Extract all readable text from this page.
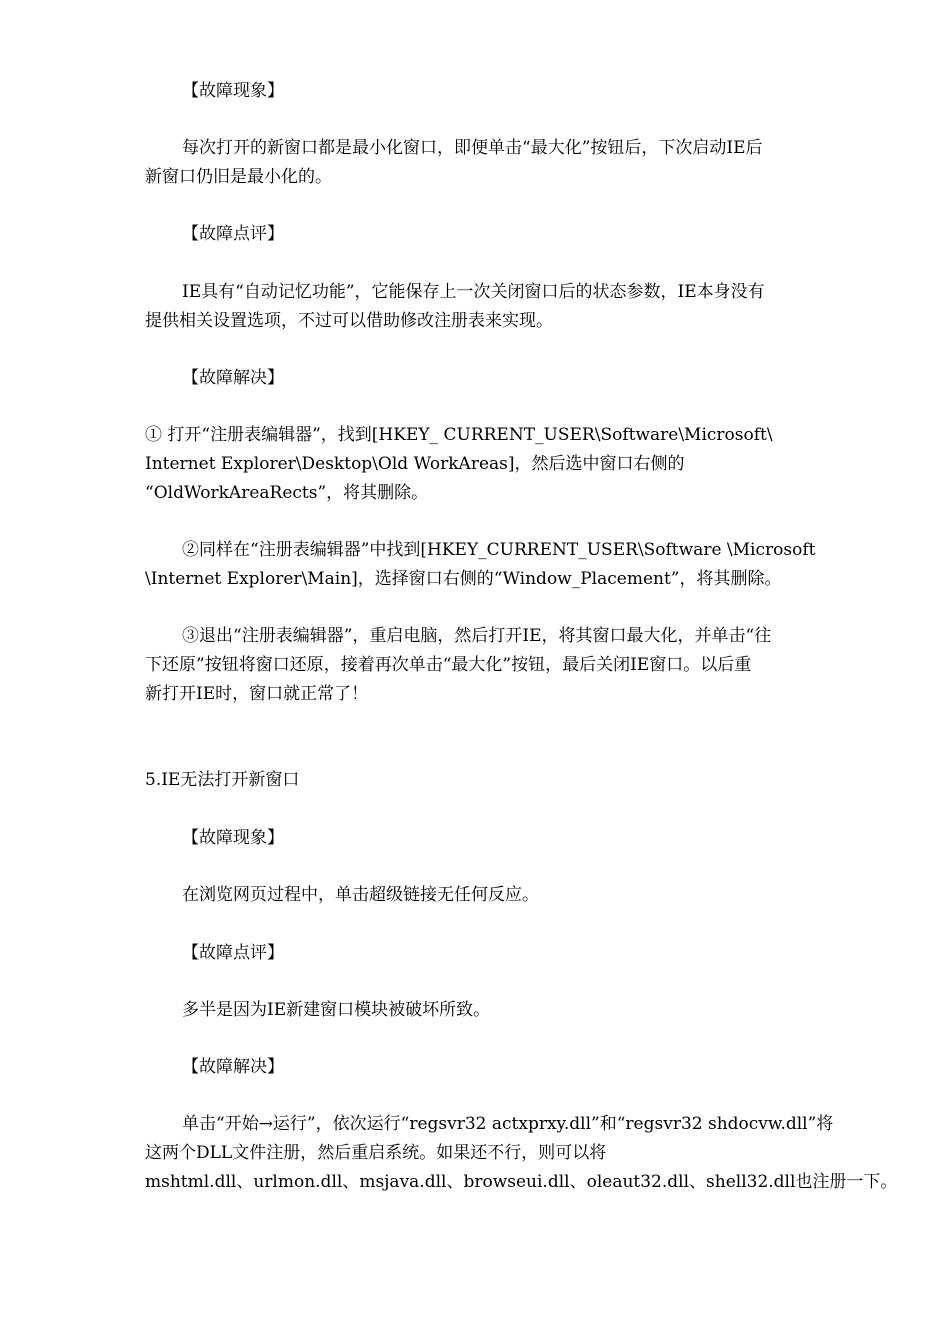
【故障现象】
每次打开的新窗口都是最小化窗口，即便单击“最大化”按钮后，下次启动IE后
新窗口仍旧是最小化的。
【故障点评】
IE具有“自动记忆功能”，它能保存上一次关闭窗口后的状态参数，IE本身没有
提供相关设置选项，不过可以借助修改注册表来实现。
【故障解决】
① 打开“注册表编辑器”，找到[HKEY_ CURRENT_USER\Software\Microsoft\
Internet Explorer\Desktop\Old WorkAreas]，然后选中窗口右侧的
“OldWorkAreaRects”，将其删除。
②同样在“注册表编辑器”中找到[HKEY_CURRENT_USER\Software \Microsoft
\Internet Explorer\Main]，选择窗口右侧的“Window_Placement”，将其删除。
③退出“注册表编辑器”，重启电脑，然后打开IE，将其窗口最大化，并单击“往
下还原”按钮将窗口还原，接着再次单击“最大化”按钮，最后关闭IE窗口。以后重
新打开IE时，窗口就正常了！
5.IE无法打开新窗口
【故障现象】
在浏览网页过程中，单击超级链接无任何反应。
【故障点评】
多半是因为IE新建窗口模块被破坏所致。
【故障解决】
单击“开始→运行”，依次运行“regsvr32 actxprxy.dll”和“regsvr32 shdocvw.dll”将
这两个DLL文件注册，然后重启系统。如果还不行，则可以将
mshtml.dll、urlmon.dll、msjava.dll、browseui.dll、oleaut32.dll、shell32.dll也注册一下。
